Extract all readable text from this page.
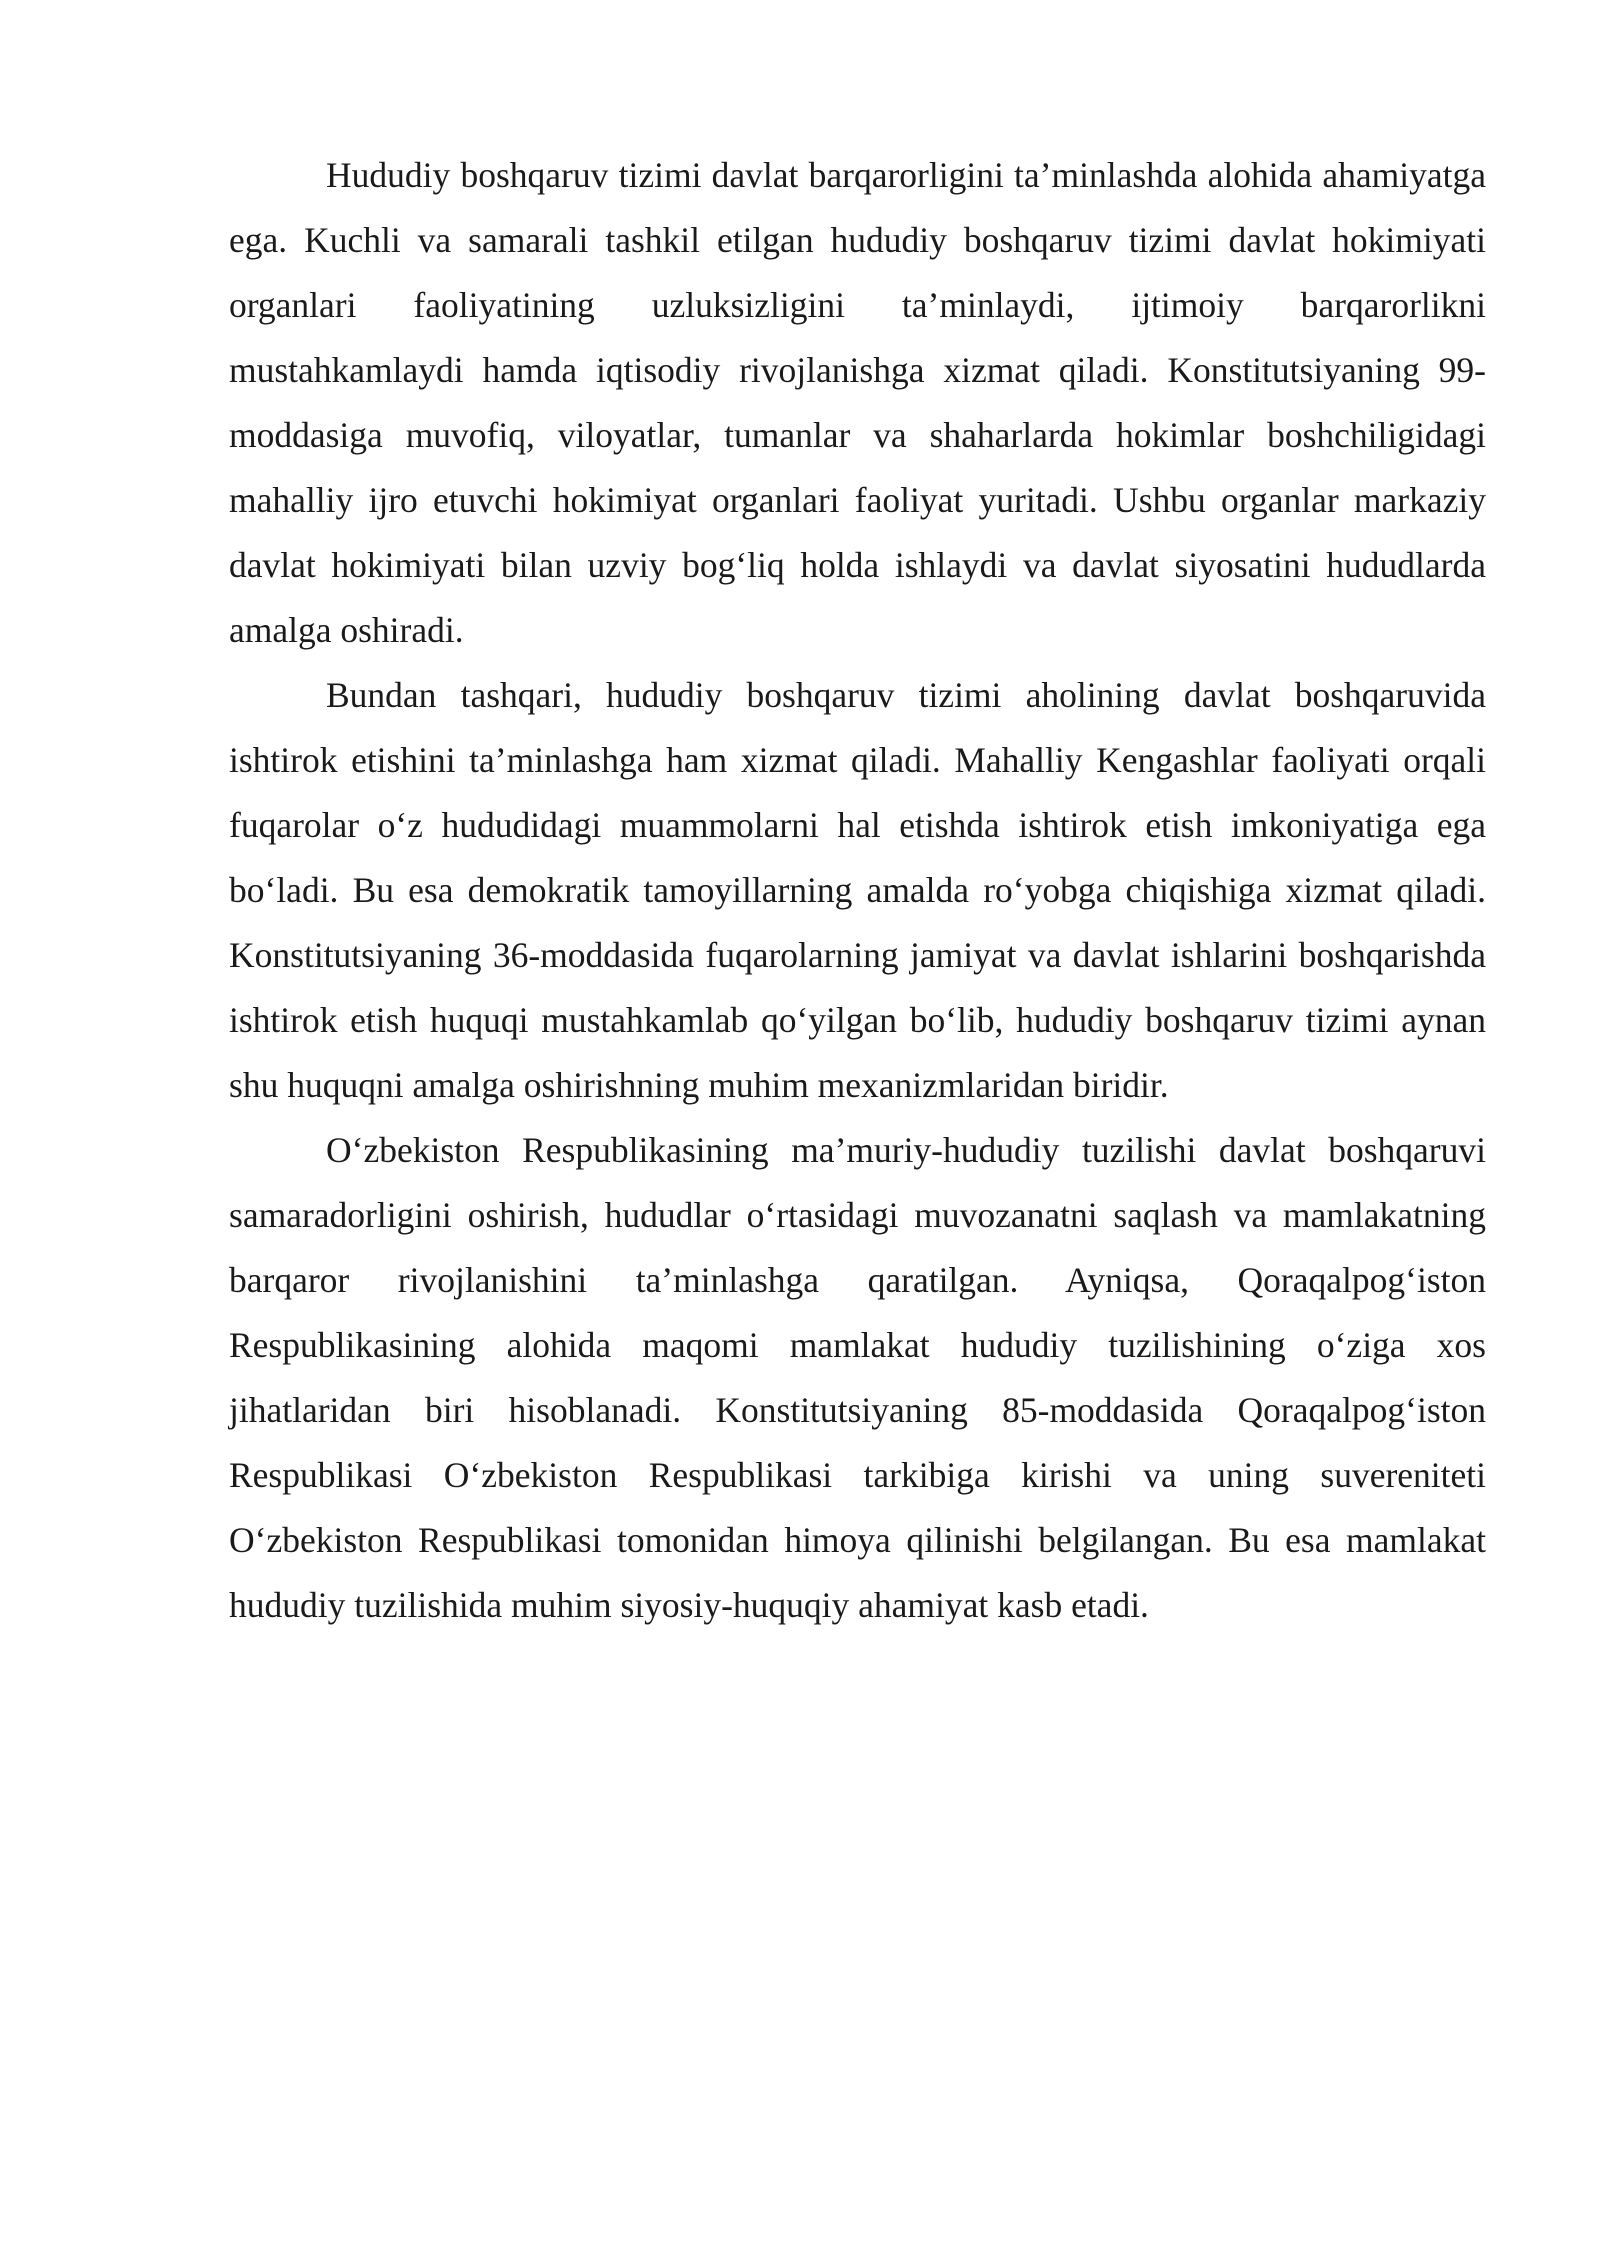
Hududiy boshqaruv tizimi davlat barqarorligini ta’minlashda alohida ahamiyatga ega. Kuchli va samarali tashkil etilgan hududiy boshqaruv tizimi davlat hokimiyati organlari faoliyatining uzluksizligini ta’minlaydi, ijtimoiy barqarorlikni mustahkamlaydi hamda iqtisodiy rivojlanishga xizmat qiladi. Konstitutsiyaning 99-moddasiga muvofiq, viloyatlar, tumanlar va shaharlarda hokimlar boshchiligidagi mahalliy ijro etuvchi hokimiyat organlari faoliyat yuritadi. Ushbu organlar markaziy davlat hokimiyati bilan uzviy bog‘liq holda ishlaydi va davlat siyosatini hududlarda amalga oshiradi.

Bundan tashqari, hududiy boshqaruv tizimi aholining davlat boshqaruvida ishtirok etishini ta’minlashga ham xizmat qiladi. Mahalliy Kengashlar faoliyati orqali fuqarolar o‘z hududidagi muammolarni hal etishda ishtirok etish imkoniyatiga ega bo‘ladi. Bu esa demokratik tamoyillarning amalda ro‘yobga chiqishiga xizmat qiladi. Konstitutsiyaning 36-moddasida fuqarolarning jamiyat va davlat ishlarini boshqarishda ishtirok etish huquqi mustahkamlab qo‘yilgan bo‘lib, hududiy boshqaruv tizimi aynan shu huquqni amalga oshirishning muhim mexanizmlaridan biridir.

O‘zbekiston Respublikasining ma’muriy-hududiy tuzilishi davlat boshqaruvi samaradorligini oshirish, hududlar o‘rtasidagi muvozanatni saqlash va mamlakatning barqaror rivojlanishini ta’minlashga qaratilgan. Ayniqsa, Qoraqalpog‘iston Respublikasining alohida maqomi mamlakat hududiy tuzilishining o‘ziga xos jihatlaridan biri hisoblanadi. Konstitutsiyaning 85-moddasida Qoraqalpog‘iston Respublikasi O‘zbekiston Respublikasi tarkibiga kirishi va uning suvereniteti O‘zbekiston Respublikasi tomonidan himoya qilinishi belgilangan. Bu esa mamlakat hududiy tuzilishida muhim siyosiy-huquqiy ahamiyat kasb etadi.
